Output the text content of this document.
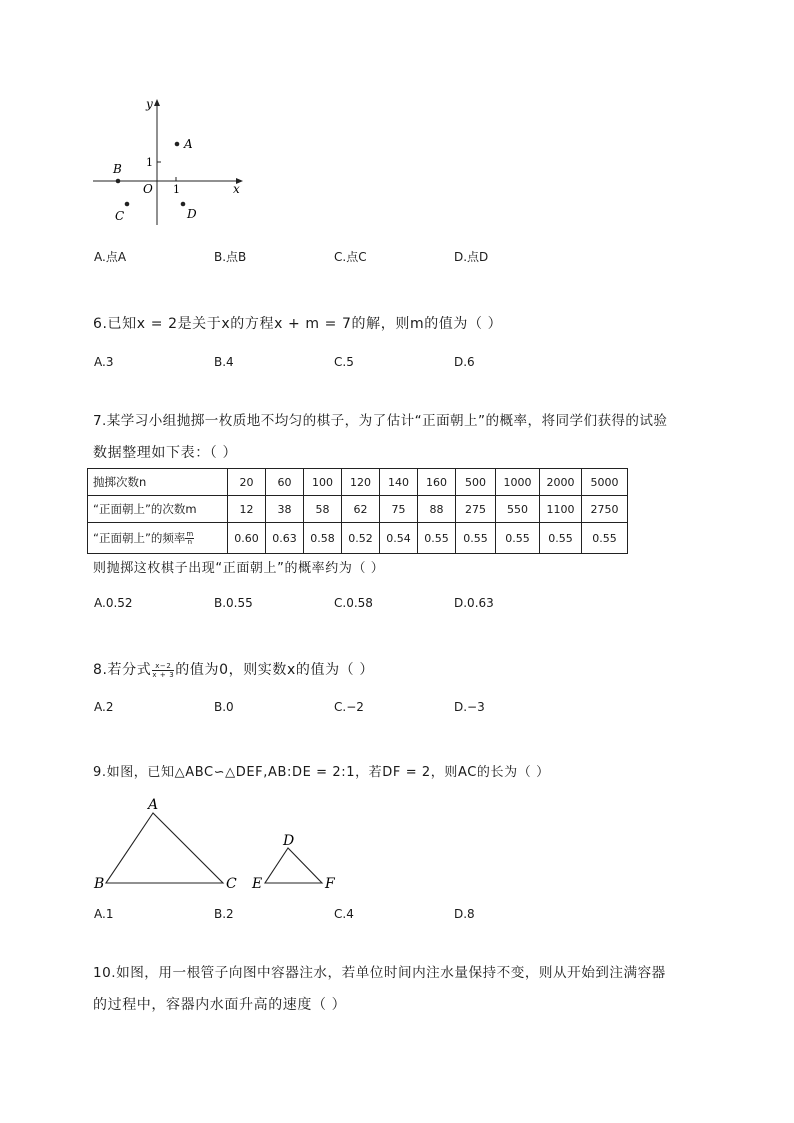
y
x
O 1
1
A
B
C	D
A.点A	B.点B	C.点C	D.点D
6.已知x = 2是关于x的方程x + m = 7的解，则m的值为（ ）
A.3	B.4	C.5	D.6
7.某学习小组抛掷一枚质地不均匀的棋子，为了估计“正面朝上”的概率，将同学们获得的试验
数据整理如下表：（ ）
抛掷次数n	20	60	100	120	140	160	500	1000	2000	5000
“正面朝上”的次数m	12	38	58	62	75	88	275	550	1100	2750
“正面朝上”的频率 $\frac{m}{n}$	0.60	0.63	0.58	0.52	0.54	0.55	0.55	0.55	0.55	0.55
则抛掷这枚棋子出现“正面朝上”的概率约为（ ）
A.0.52	B.0.55	C.0.58	D.0.63
8.若分式 $\frac{x-2}{x + 3}$ 的值为0，则实数x的值为（ ）
A.2	B.0	C.−2	D.−3
9.如图，已知△ABC∽△DEF,AB:DE = 2:1，若DF = 2，则AC的长为（ ）
A
B	C
D
E	F
A.1	B.2	C.4	D.8
10.如图，用一根管子向图中容器注水，若单位时间内注水量保持不变，则从开始到注满容器
的过程中，容器内水面升高的速度（ ）
